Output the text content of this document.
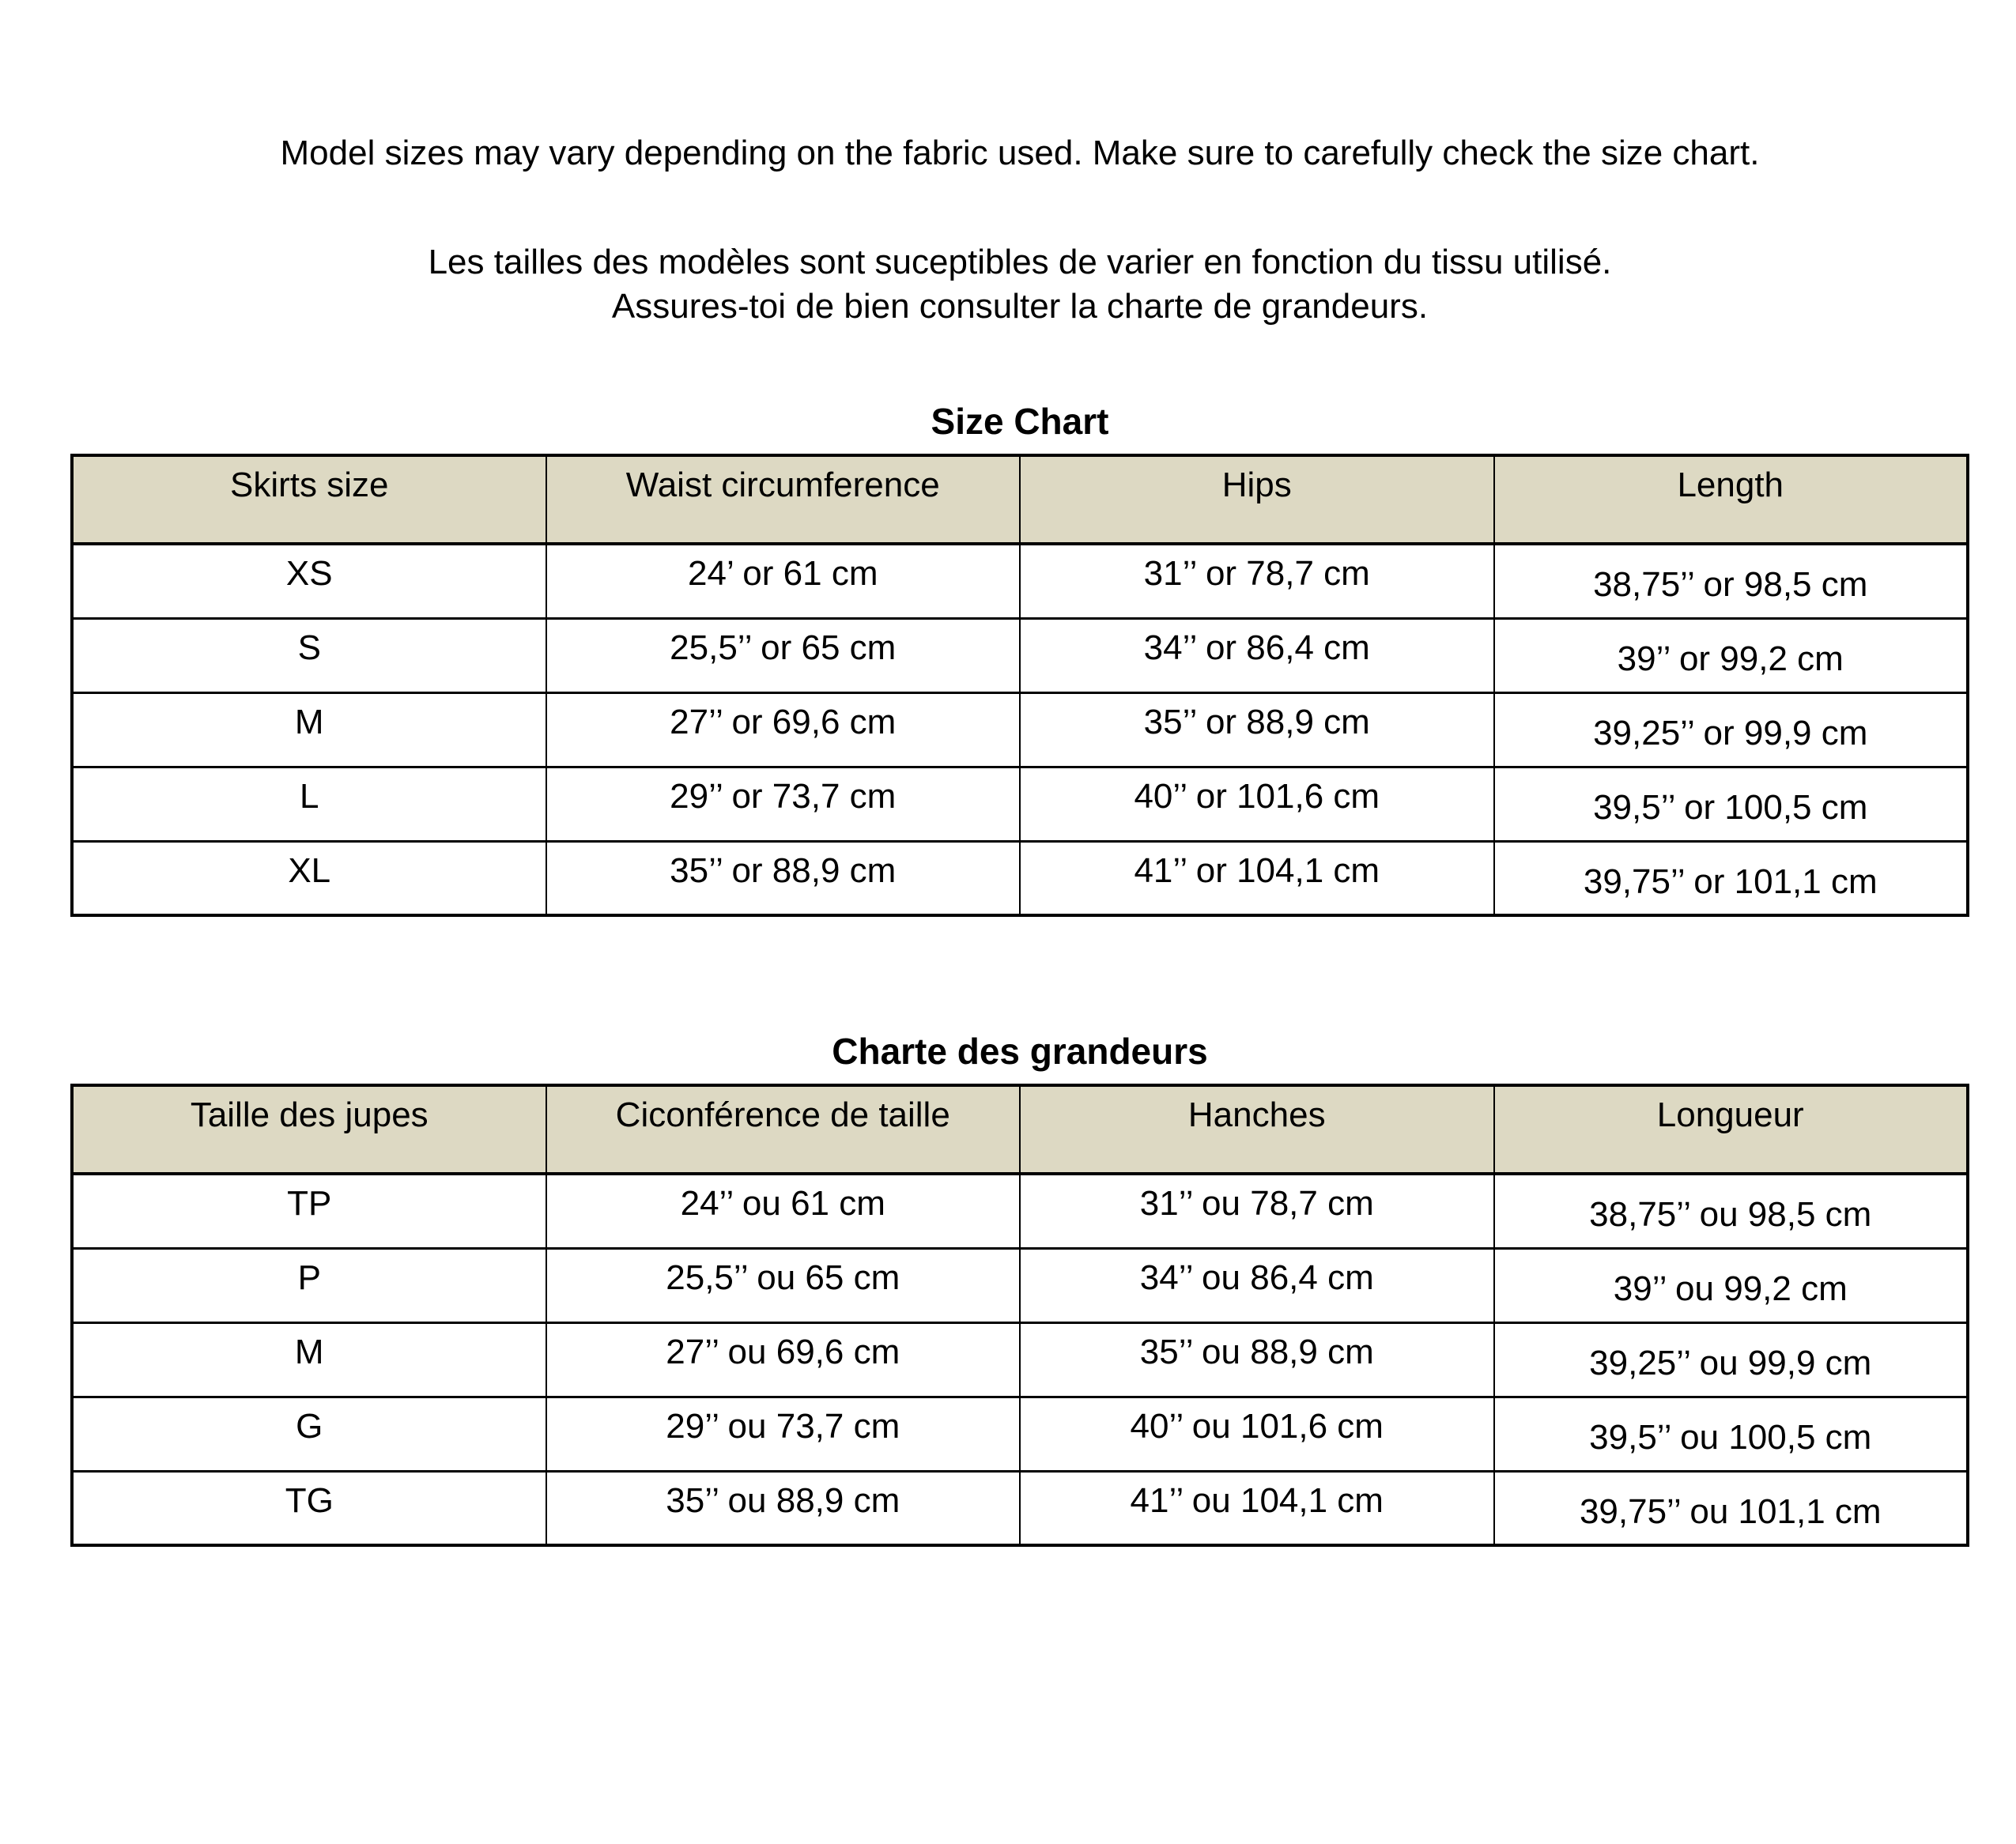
Model sizes may vary depending on the fabric used. Make sure to carefully check the size chart.

Les tailles des modèles sont suceptibles de varier en fonction du tissu utilisé.
Assures-toi de bien consulter la charte de grandeurs.
Size Chart
Skirts size	Waist circumference	Hips	Length
XS	24’ or 61 cm	31’’ or 78,7 cm	38,75’’ or 98,5 cm
S	25,5’’ or 65 cm	34’’ or 86,4 cm	39’’ or 99,2 cm
M	27’’ or 69,6 cm	35’’ or 88,9 cm	39,25’’ or 99,9 cm
L	29’’ or 73,7 cm	40’’ or 101,6 cm	39,5’’ or 100,5 cm
XL	35’’ or 88,9 cm	41’’ or 104,1 cm	39,75’’ or 101,1 cm
Charte des grandeurs
Taille des jupes	Ciconférence de taille	Hanches	Longueur
TP	24’’ ou 61 cm	31’’ ou 78,7 cm	38,75’’ ou 98,5 cm
P	25,5’’ ou 65 cm	34’’ ou 86,4 cm	39’’ ou 99,2 cm
M	27’’ ou 69,6 cm	35’’ ou 88,9 cm	39,25’’ ou 99,9 cm
G	29’’ ou 73,7 cm	40’’ ou 101,6 cm	39,5’’ ou 100,5 cm
TG	35’’ ou 88,9 cm	41’’ ou 104,1 cm	39,75’’ ou 101,1 cm
